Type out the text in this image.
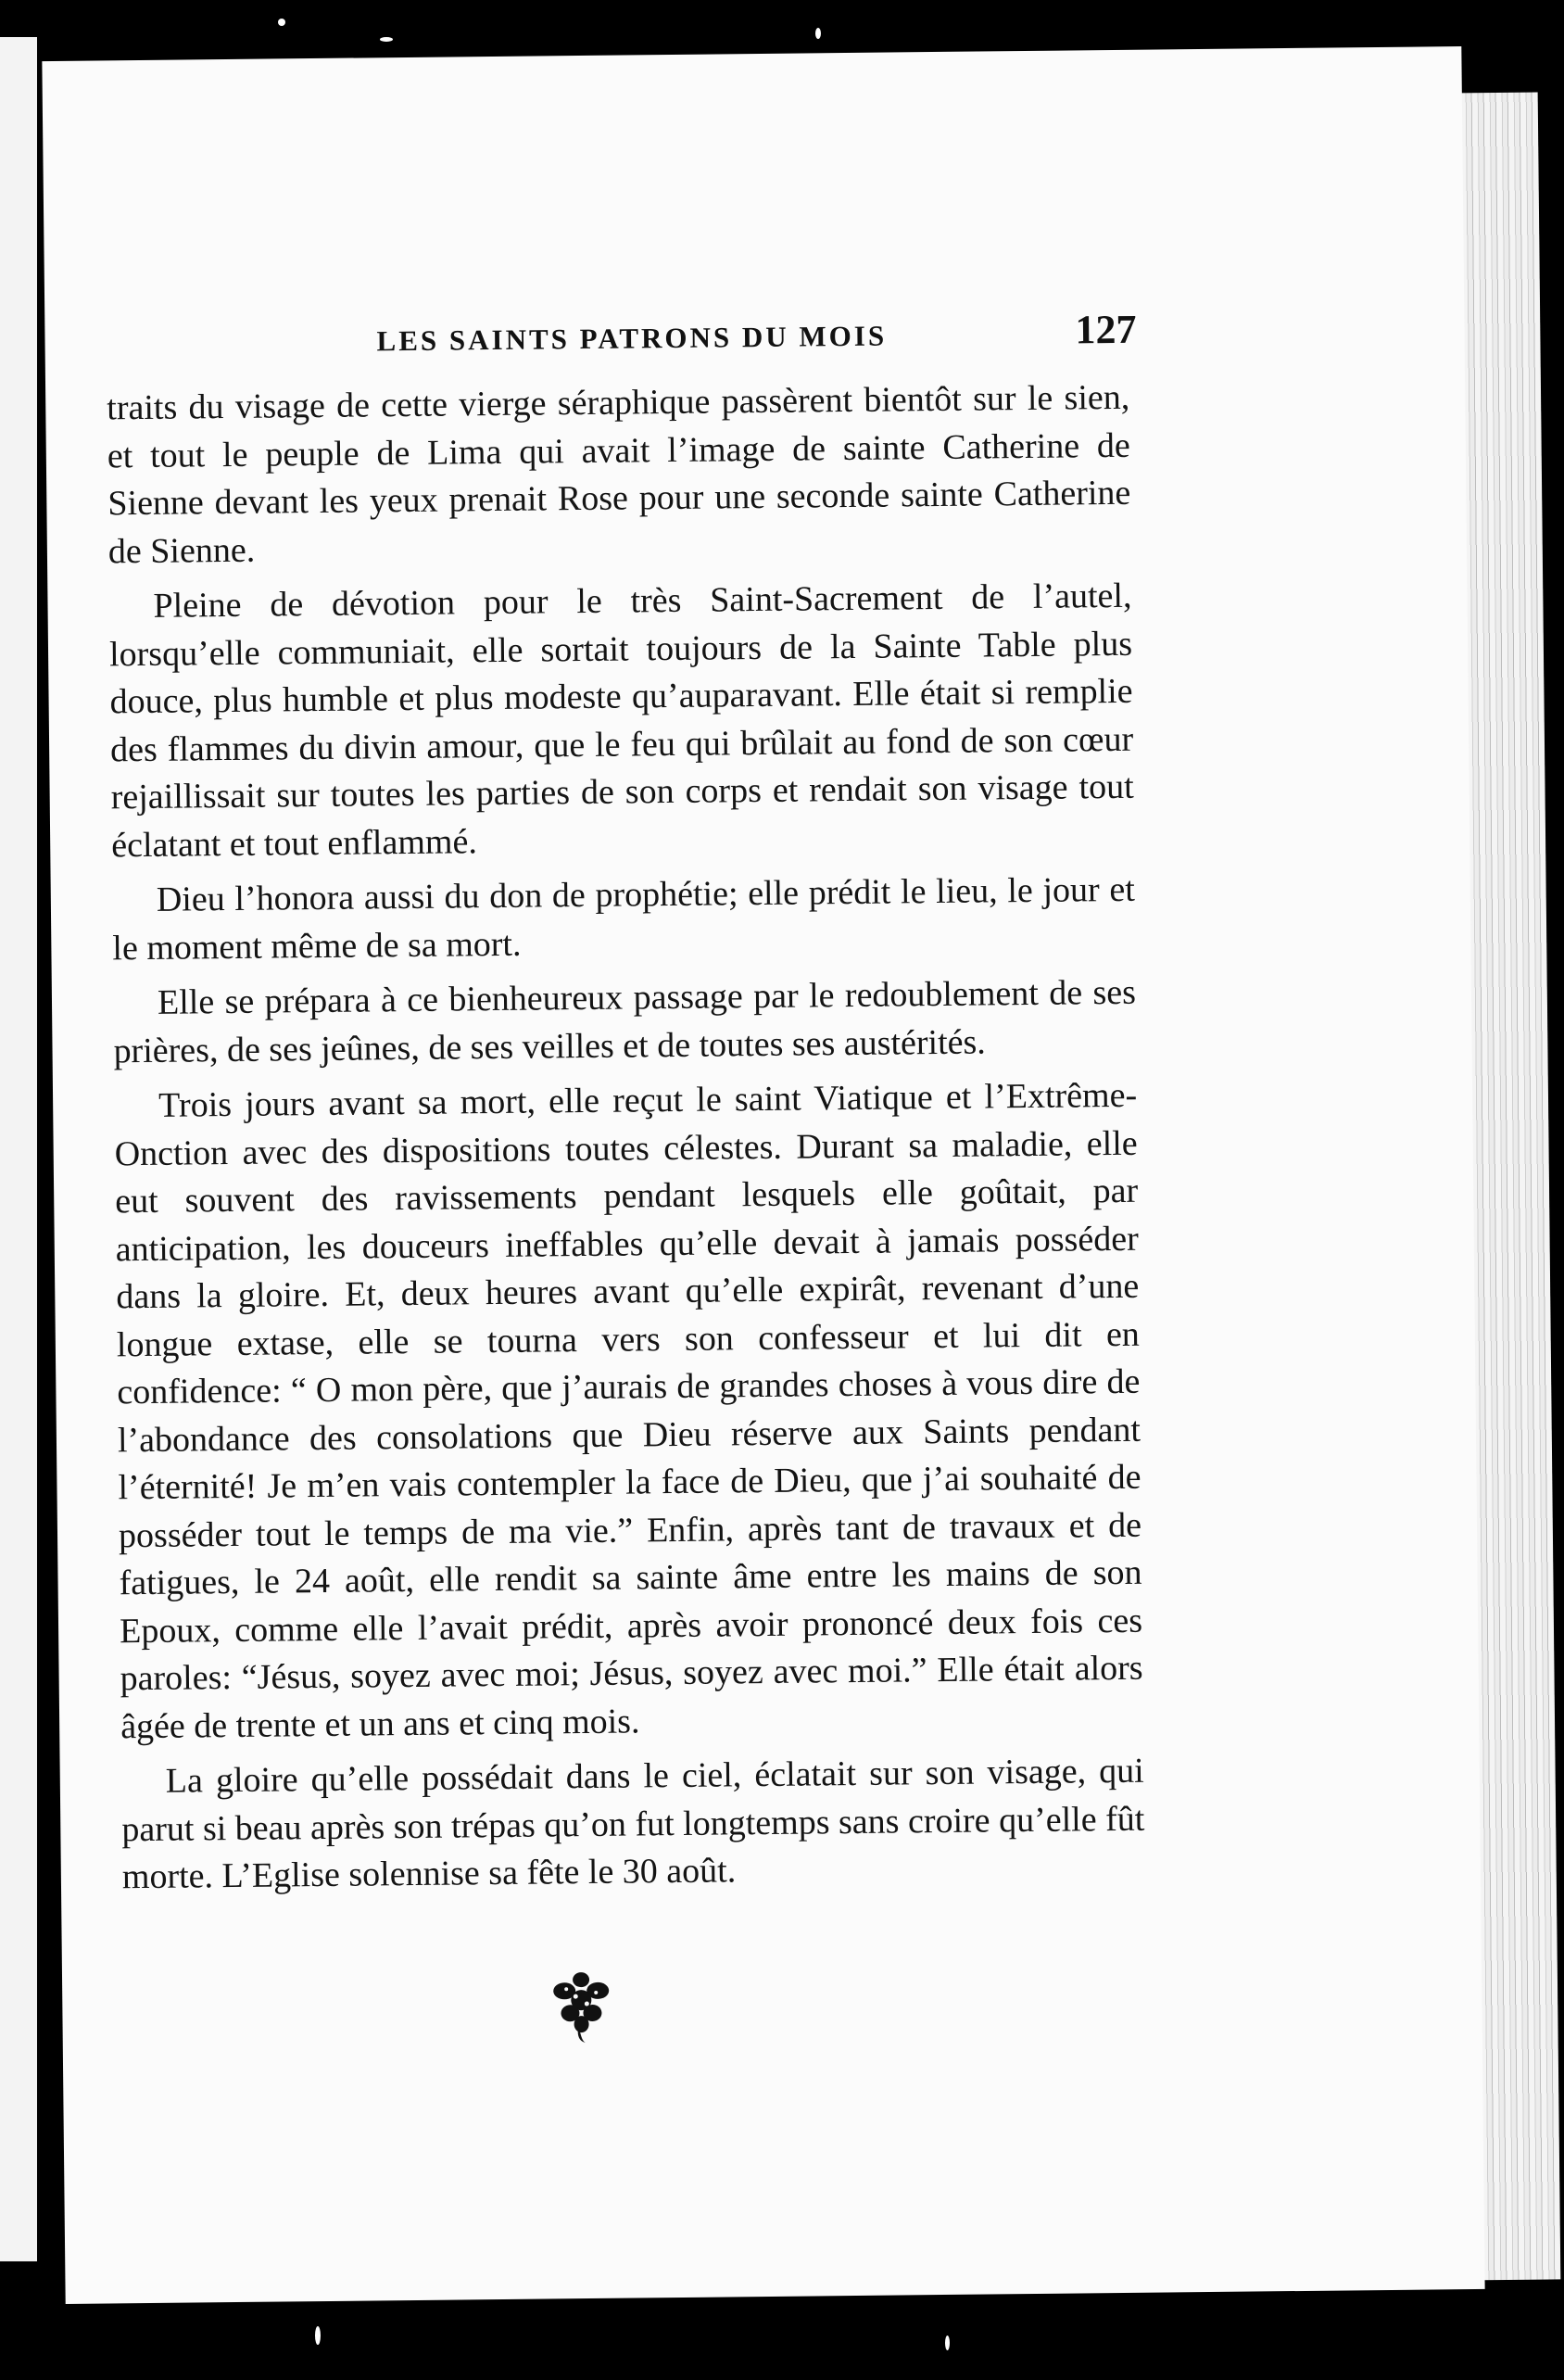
LES SAINTS PATRONS DU MOIS	127

traits du visage de cette vierge séraphique passèrent bientôt sur le sien, et tout le peuple de Lima qui avait l’image de sainte Catherine de Sienne devant les yeux prenait Rose pour une seconde sainte Catherine de Sienne.

Pleine de dévotion pour le très Saint-Sacrement de l’autel, lorsqu’elle communiait, elle sortait toujours de la Sainte Table plus douce, plus humble et plus modeste qu’auparavant. Elle était si remplie des flammes du divin amour, que le feu qui brûlait au fond de son cœur rejaillissait sur toutes les parties de son corps et rendait son visage tout éclatant et tout enflammé.

Dieu l’honora aussi du don de prophétie; elle prédit le lieu, le jour et le moment même de sa mort.

Elle se prépara à ce bienheureux passage par le redoublement de ses prières, de ses jeûnes, de ses veilles et de toutes ses austérités.

Trois jours avant sa mort, elle reçut le saint Viatique et l’Extrême-Onction avec des dispositions toutes célestes. Durant sa maladie, elle eut souvent des ravissements pendant lesquels elle goûtait, par anticipation, les douceurs ineffables qu’elle devait à jamais posséder dans la gloire. Et, deux heures avant qu’elle expirât, revenant d’une longue extase, elle se tourna vers son confesseur et lui dit en confidence: “ O mon père, que j’aurais de grandes choses à vous dire de l’abondance des consolations que Dieu réserve aux Saints pendant l’éternité! Je m’en vais contempler la face de Dieu, que j’ai souhaité de posséder tout le temps de ma vie.” Enfin, après tant de travaux et de fatigues, le 24 août, elle rendit sa sainte âme entre les mains de son Epoux, comme elle l’avait prédit, après avoir prononcé deux fois ces paroles: “Jésus, soyez avec moi; Jésus, soyez avec moi.” Elle était alors âgée de trente et un ans et cinq mois.

La gloire qu’elle possédait dans le ciel, éclatait sur son visage, qui parut si beau après son trépas qu’on fut longtemps sans croire qu’elle fût morte. L’Eglise solennise sa fête le 30 août.
